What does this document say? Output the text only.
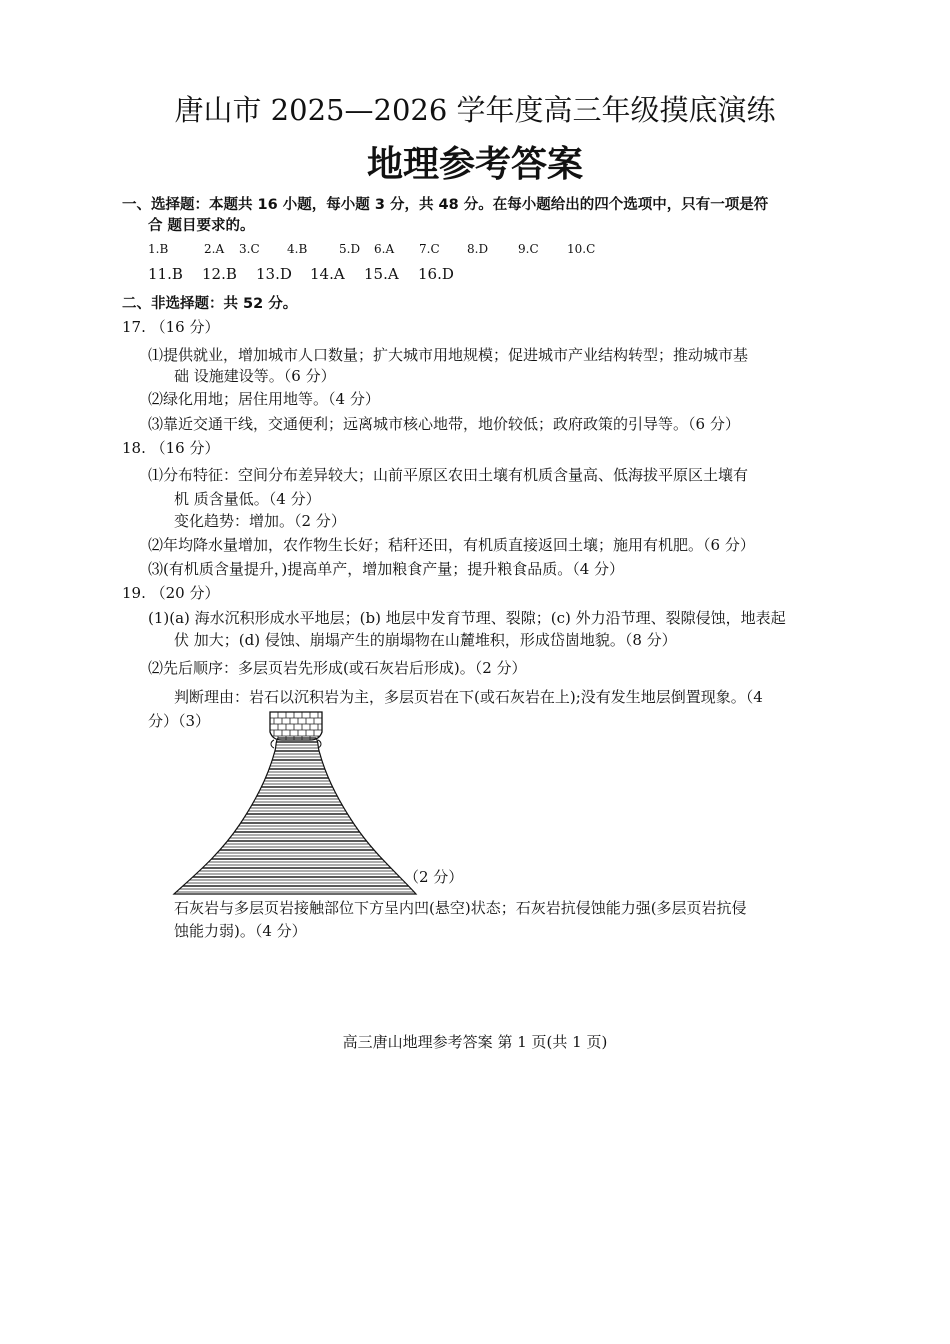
唐山市 2025—2026 学年度高三年级摸底演练
地理参考答案
一、选择题：本题共 16 小题，每小题 3 分，共 48 分。在每小题给出的四个选项中，只有一项是符
合 题目要求的。
1.B	2.A 3.C 4.B	5.D 6.A 7.C 8.D 9.C 10.C
11.B 12.B 13.D 14.A 15.A 16.D
二、非选择题：共 52 分。
17. （16 分）
⑴提供就业，增加城市人口数量；扩大城市用地规模；促进城市产业结构转型；推动城市基
础 设施建设等。（6 分）
⑵绿化用地；居住用地等。（4 分）
⑶靠近交通干线，交通便利；远离城市核心地带，地价较低；政府政策的引导等。（6 分）
18. （16 分）
⑴分布特征：空间分布差异较大；山前平原区农田土壤有机质含量高、低海拔平原区土壤有
机 质含量低。（4 分）
变化趋势：增加。（2 分）
⑵年均降水量增加，农作物生长好；秸秆还田，有机质直接返回土壤；施用有机肥。（6 分）
⑶(有机质含量提升，)提高单产，增加粮食产量；提升粮食品质。（4 分）
19. （20 分）
(1)(a) 海水沉积形成水平地层；(b) 地层中发育节理、裂隙；(c) 外力沿节理、裂隙侵蚀，地表起
伏 加大；(d) 侵蚀、崩塌产生的崩塌物在山麓堆积，形成岱崮地貌。（8 分）
⑵先后顺序：多层页岩先形成(或石灰岩后形成)。（2 分）
判断理由：岩石以沉积岩为主，多层页岩在下(或石灰岩在上);没有发生地层倒置现象。（4
分）（3）
（2 分）
石灰岩与多层页岩接触部位下方呈内凹(悬空)状态；石灰岩抗侵蚀能力强(多层页岩抗侵
蚀能力弱)。（4 分）
高三唐山地理参考答案 第 1 页(共 1 页)
